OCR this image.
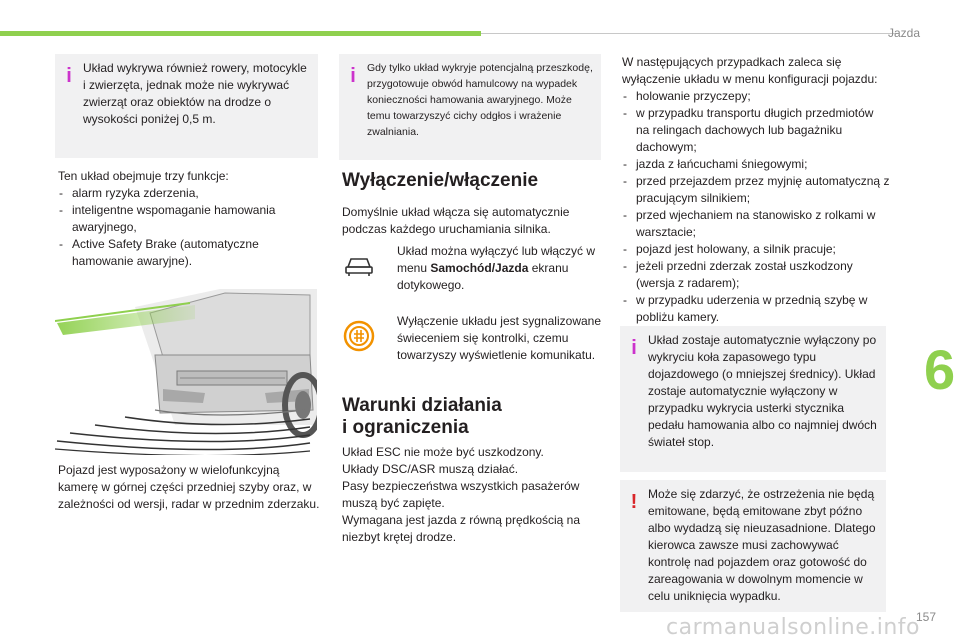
Jazda
i Układ wykrywa również rowery, motocykle i zwierzęta, jednak może nie wykrywać zwierząt oraz obiektów na drodze o wysokości poniżej 0,5 m.

Ten układ obejmuje trzy funkcje:

- alarm ryzyka zderzenia,
- inteligentne wspomaganie hamowania awaryjnego,
- Active Safety Brake (automatyczne hamowanie awaryjne).
Pojazd jest wyposażony w wielofunkcyjną kamerę w górnej części przedniej szyby oraz, w zależności od wersji, radar w przednim zderzaku.
i	Gdy tylko układ wykryje potencjalną przeszkodę, przygotowuje obwód hamulcowy na wypadek konieczności hamowania awaryjnego. Może temu towarzyszyć cichy odgłos i wrażenie zwalniania.
Wyłączenie/włączenie
Domyślnie układ włącza się automatycznie podczas każdego uruchamiania silnika.
Układ można wyłączyć lub włączyć w menu Samochód/Jazda ekranu dotykowego.
Wyłączenie układu jest sygnalizowane świeceniem się kontrolki, czemu towarzyszy wyświetlenie komunikatu.
Warunki działania
i ograniczenia

Układ ESC nie może być uszkodzony.

Układy DSC/ASR muszą działać.

Pasy bezpieczeństwa wszystkich pasażerów muszą być zapięte.

Wymagana jest jazda z równą prędkością na niezbyt krętej drodze.

W następujących przypadkach zaleca się wyłączenie układu w menu konfiguracji pojazdu:

- holowanie przyczepy;
- w przypadku transportu długich przedmiotów na relingach dachowych lub bagażniku dachowym;
- jazda z łańcuchami śniegowymi;
- przed przejazdem przez myjnię automatyczną z pracującym silnikiem;
- przed wjechaniem na stanowisko z rolkami w warsztacie;
- pojazd jest holowany, a silnik pracuje;
- jeżeli przedni zderzak został uszkodzony (wersja z radarem);
- w przypadku uderzenia w przednią szybę w pobliżu kamery.
i Układ zostaje automatycznie wyłączony po wykryciu koła zapasowego typu dojazdowego (o mniejszej średnicy). Układ zostaje automatycznie wyłączony w przypadku wykrycia usterki stycznika pedału hamowania albo co najmniej dwóch świateł stop.
! Może się zdarzyć, że ostrzeżenia nie będą emitowane, będą emitowane zbyt późno albo wydadzą się nieuzasadnione. Dlatego kierowca zawsze musi zachowywać kontrolę nad pojazdem oraz gotowość do zareagowania w dowolnym momencie w celu uniknięcia wypadku.
6
carmanualsonline.info
157
